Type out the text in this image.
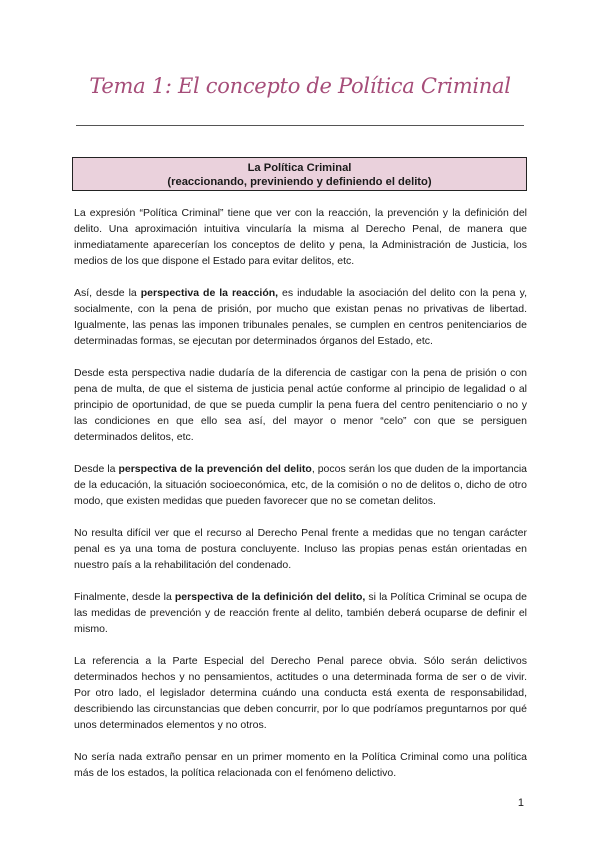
Tema 1: El concepto de Política Criminal
La Política Criminal
(reaccionando, previniendo y definiendo el delito)

La expresión “Política Criminal” tiene que ver con la reacción, la prevención y la definición del delito. Una aproximación intuitiva vincularía la misma al Derecho Penal, de manera que inmediatamente aparecerían los conceptos de delito y pena, la Administración de Justicia, los medios de los que dispone el Estado para evitar delitos, etc.

Así, desde la perspectiva de la reacción, es indudable la asociación del delito con la pena y, socialmente, con la pena de prisión, por mucho que existan penas no privativas de libertad. Igualmente, las penas las imponen tribunales penales, se cumplen en centros penitenciarios de determinadas formas, se ejecutan por determinados órganos del Estado, etc.

Desde esta perspectiva nadie dudaría de la diferencia de castigar con la pena de prisión o con pena de multa, de que el sistema de justicia penal actúe conforme al principio de legalidad o al principio de oportunidad, de que se pueda cumplir la pena fuera del centro penitenciario o no y las condiciones en que ello sea así, del mayor o menor “celo” con que se persiguen determinados delitos, etc.

Desde la perspectiva de la prevención del delito, pocos serán los que duden de la importancia de la educación, la situación socioeconómica, etc, de la comisión o no de delitos o, dicho de otro modo, que existen medidas que pueden favorecer que no se cometan delitos.

No resulta difícil ver que el recurso al Derecho Penal frente a medidas que no tengan carácter penal es ya una toma de postura concluyente. Incluso las propias penas están orientadas en nuestro país a la rehabilitación del condenado.

Finalmente, desde la perspectiva de la definición del delito, si la Política Criminal se ocupa de las medidas de prevención y de reacción frente al delito, también deberá ocuparse de definir el mismo.

La referencia a la Parte Especial del Derecho Penal parece obvia. Sólo serán delictivos determinados hechos y no pensamientos, actitudes o una determinada forma de ser o de vivir. Por otro lado, el legislador determina cuándo una conducta está exenta de responsabilidad, describiendo las circunstancias que deben concurrir, por lo que podríamos preguntarnos por qué unos determinados elementos y no otros.

No sería nada extraño pensar en un primer momento en la Política Criminal como una política más de los estados, la política relacionada con el fenómeno delictivo.

1
